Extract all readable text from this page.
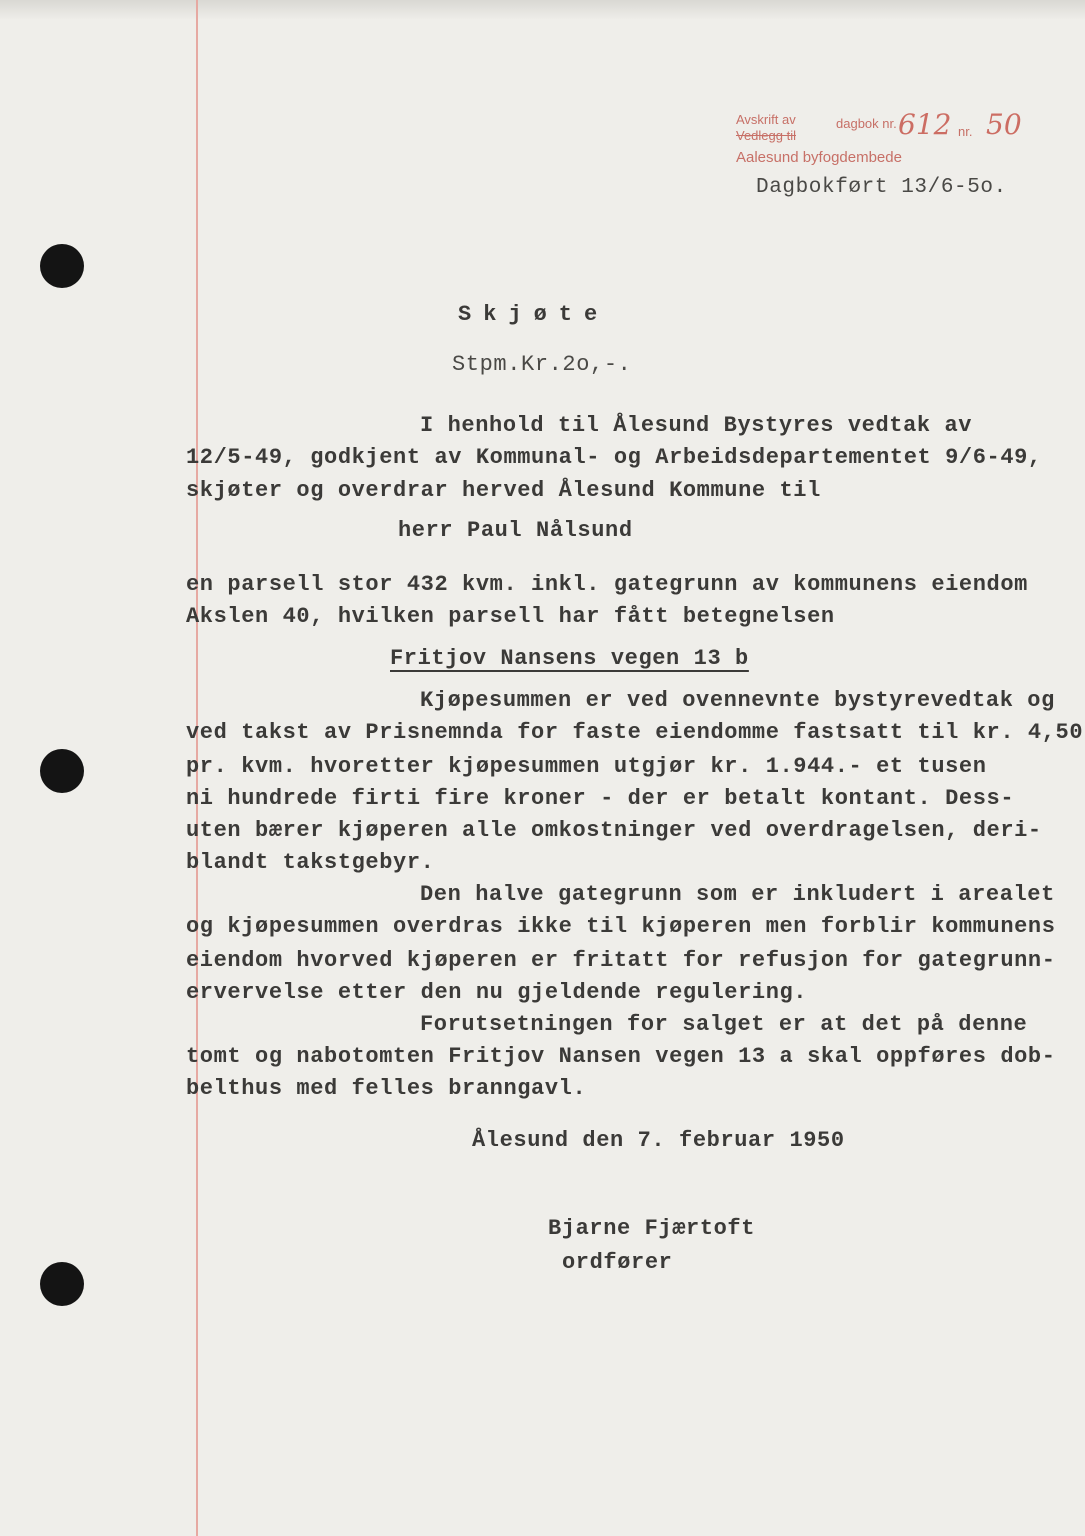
Avskrift av	dagbok nr.
Vedlegg til
Aalesund byfogdembede
612 nr. 50
Dagbokført 13/6-5o.
Skjøte
Stpm.Kr.2o,-.
I henhold til Ålesund Bystyres vedtak av
12/5-49, godkjent av Kommunal- og Arbeidsdepartementet 9/6-49,
skjøter og overdrar herved Ålesund Kommune til
herr Paul Nålsund
en parsell stor 432 kvm. inkl. gategrunn av kommunens eiendom
Akslen 40, hvilken parsell har fått betegnelsen
Fritjov Nansens vegen 13 b
Kjøpesummen er ved ovennevnte bystyrevedtak og
ved takst av Prisnemnda for faste eiendomme fastsatt til kr. 4,50
pr. kvm. hvoretter kjøpesummen utgjør kr. 1.944.- et tusen
ni hundrede firti fire kroner - der er betalt kontant. Dess-
uten bærer kjøperen alle omkostninger ved overdragelsen, deri-
blandt takstgebyr.
Den halve gategrunn som er inkludert i arealet
og kjøpesummen overdras ikke til kjøperen men forblir kommunens
eiendom hvorved kjøperen er fritatt for refusjon for gategrunn-
ervervelse etter den nu gjeldende regulering.
Forutsetningen for salget er at det på denne
tomt og nabotomten Fritjov Nansen vegen 13 a skal oppføres dob-
belthus med felles branngavl.
Ålesund den 7. februar 1950
Bjarne Fjærtoft
ordfører
